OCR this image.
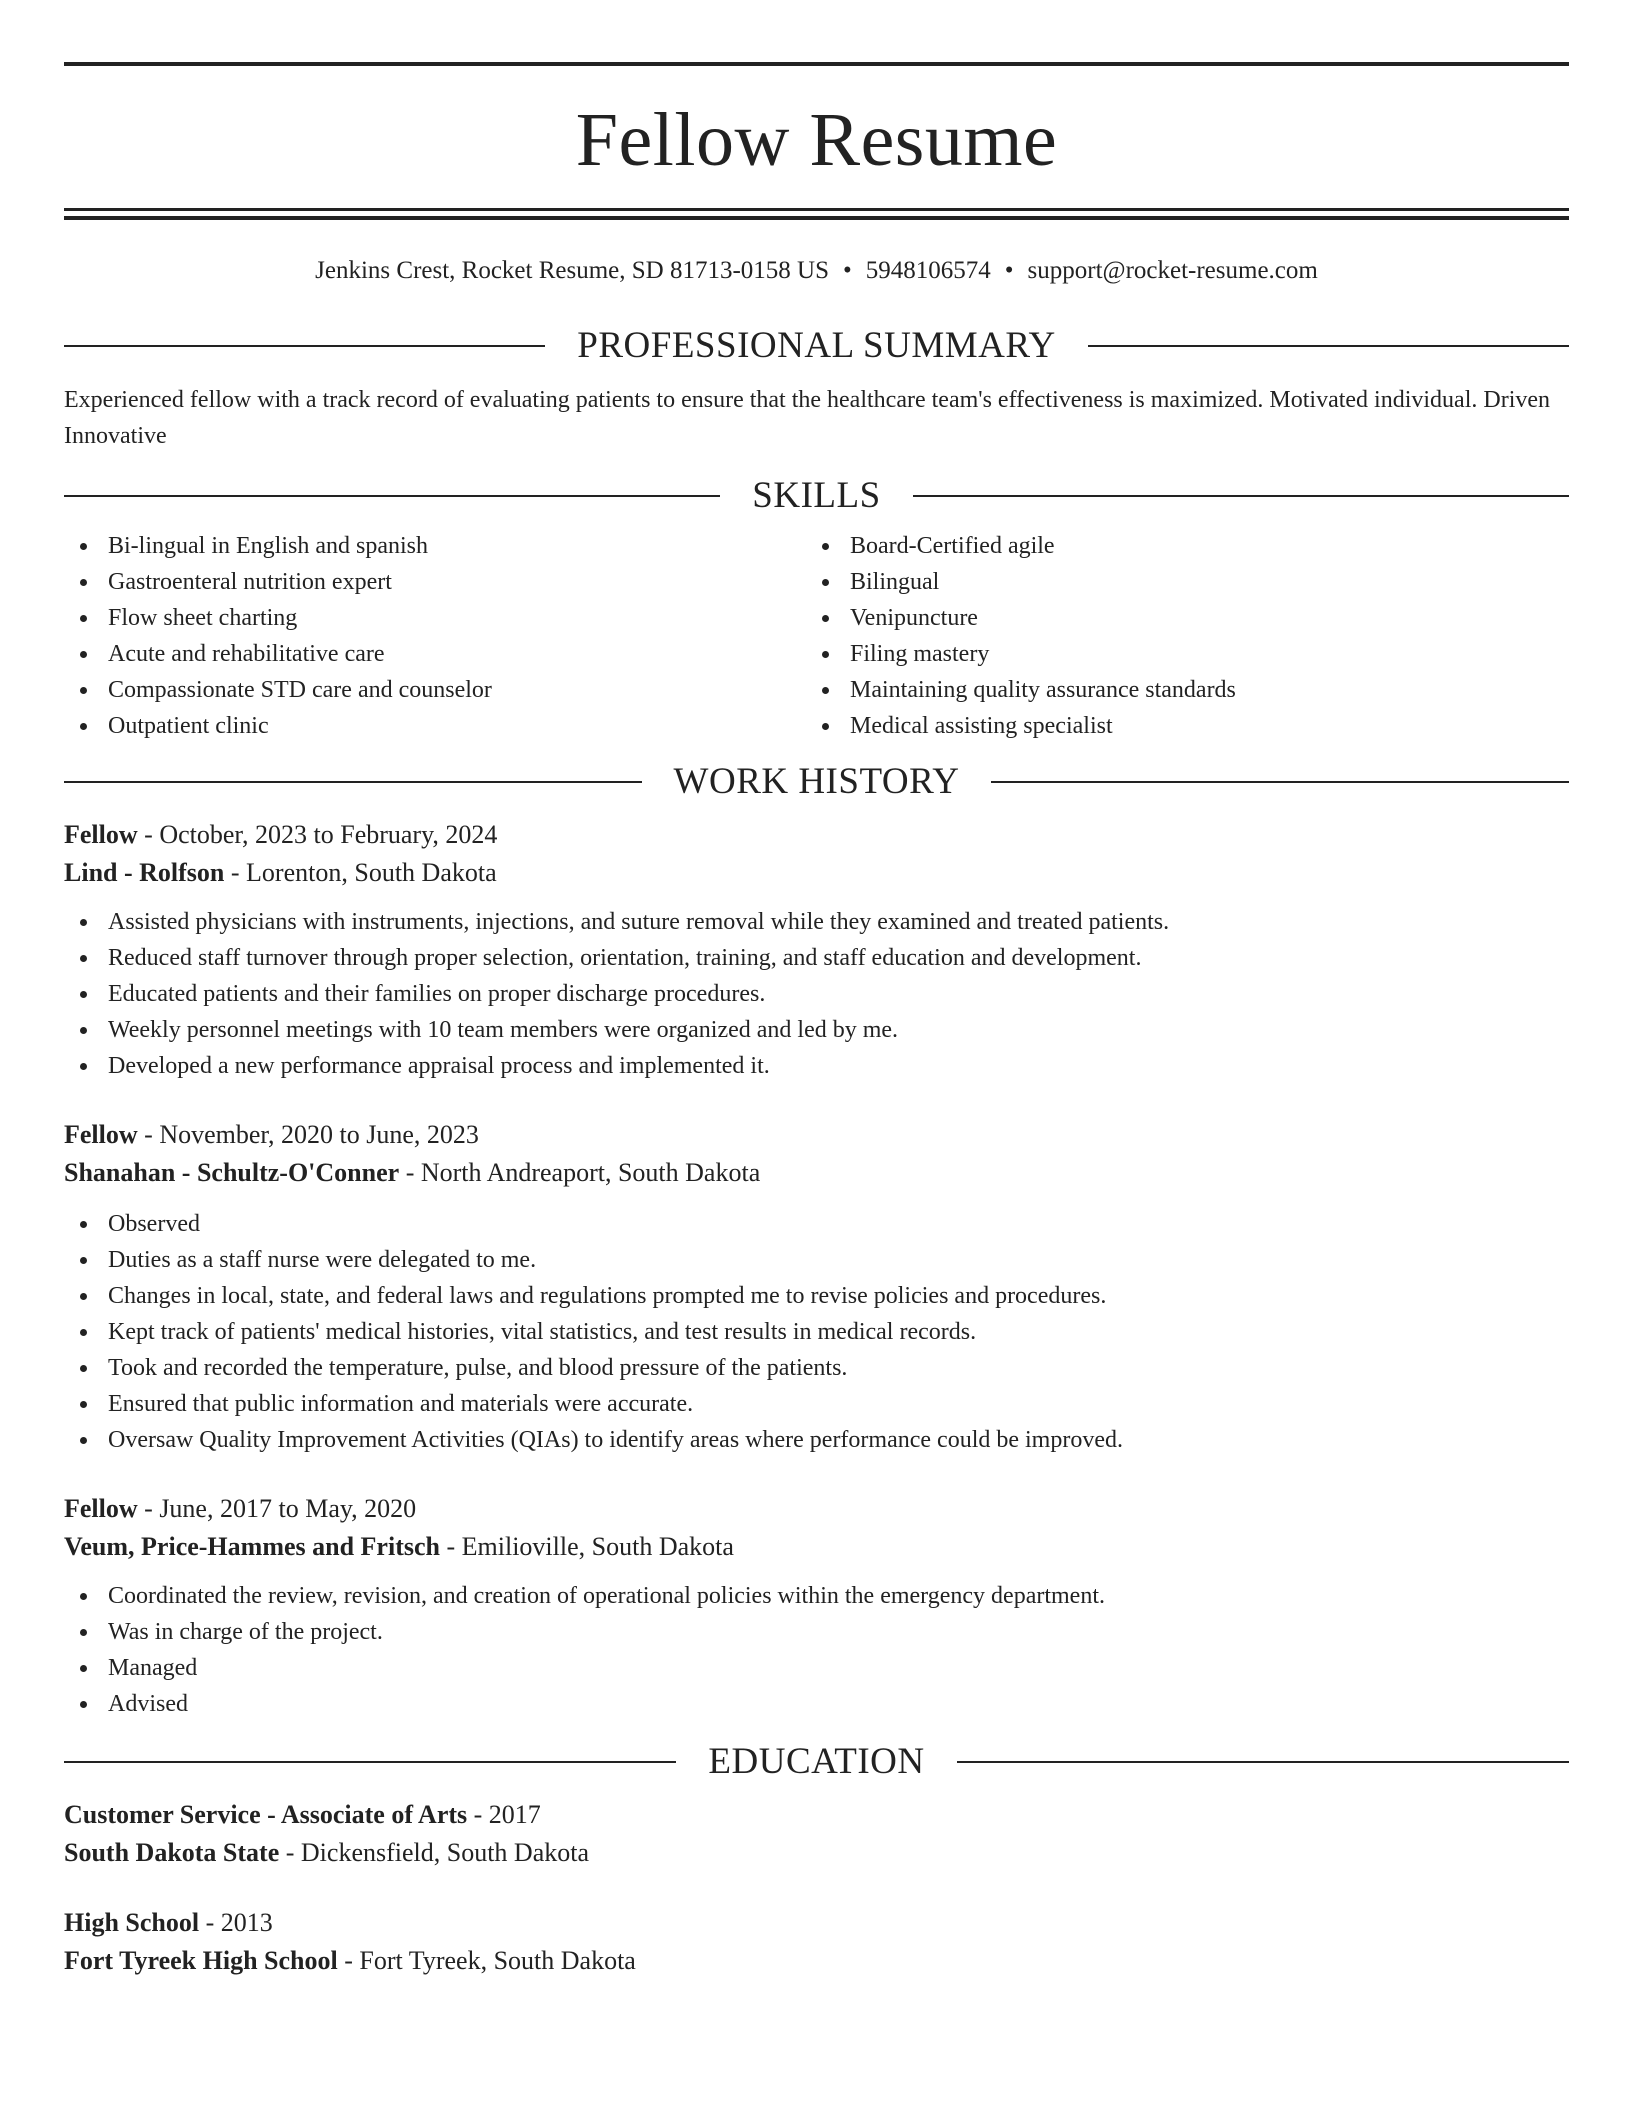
Fellow Resume
Jenkins Crest, Rocket Resume, SD 81713-0158 US • 5948106574 • support@rocket-resume.com
PROFESSIONAL SUMMARY
Experienced fellow with a track record of evaluating patients to ensure that the healthcare team's effectiveness is maximized. Motivated individual. Driven Innovative
SKILLS
Bi-lingual in English and spanish
Gastroenteral nutrition expert
Flow sheet charting
Acute and rehabilitative care
Compassionate STD care and counselor
Outpatient clinic
Board-Certified agile
Bilingual
Venipuncture
Filing mastery
Maintaining quality assurance standards
Medical assisting specialist
WORK HISTORY
Fellow - October, 2023 to February, 2024
Lind - Rolfson - Lorenton, South Dakota
Assisted physicians with instruments, injections, and suture removal while they examined and treated patients.
Reduced staff turnover through proper selection, orientation, training, and staff education and development.
Educated patients and their families on proper discharge procedures.
Weekly personnel meetings with 10 team members were organized and led by me.
Developed a new performance appraisal process and implemented it.
Fellow - November, 2020 to June, 2023
Shanahan - Schultz-O'Conner - North Andreaport, South Dakota
Observed
Duties as a staff nurse were delegated to me.
Changes in local, state, and federal laws and regulations prompted me to revise policies and procedures.
Kept track of patients' medical histories, vital statistics, and test results in medical records.
Took and recorded the temperature, pulse, and blood pressure of the patients.
Ensured that public information and materials were accurate.
Oversaw Quality Improvement Activities (QIAs) to identify areas where performance could be improved.
Fellow - June, 2017 to May, 2020
Veum, Price-Hammes and Fritsch - Emilioville, South Dakota
Coordinated the review, revision, and creation of operational policies within the emergency department.
Was in charge of the project.
Managed
Advised
EDUCATION
Customer Service - Associate of Arts - 2017
South Dakota State - Dickensfield, South Dakota
High School - 2013
Fort Tyreek High School - Fort Tyreek, South Dakota
